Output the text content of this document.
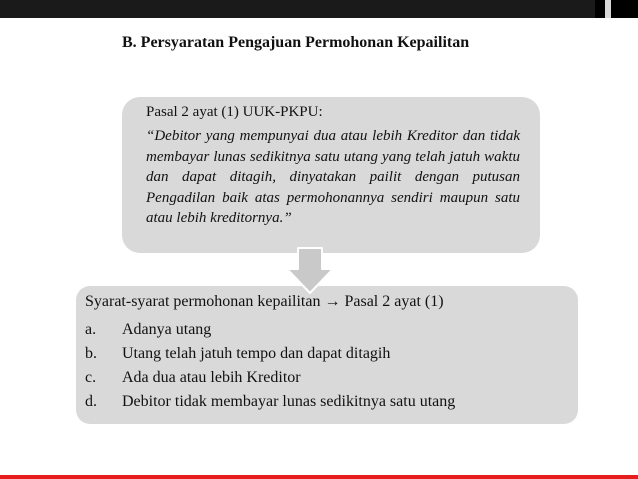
B. Persyaratan Pengajuan Permohonan Kepailitan

Pasal 2 ayat (1) UUK-PKPU:

“Debitor yang mempunyai dua atau lebih Kreditor dan tidak membayar lunas sedikitnya satu utang yang telah jatuh waktu dan dapat ditagih, dinyatakan pailit dengan putusan Pengadilan baik atas permohonannya sendiri maupun satu atau lebih kreditornya.”

Syarat-syarat permohonan kepailitan → Pasal 2 ayat (1)

a. Adanya utang
b. Utang telah jatuh tempo dan dapat ditagih
c. Ada dua atau lebih Kreditor
d. Debitor tidak membayar lunas sedikitnya satu utang
